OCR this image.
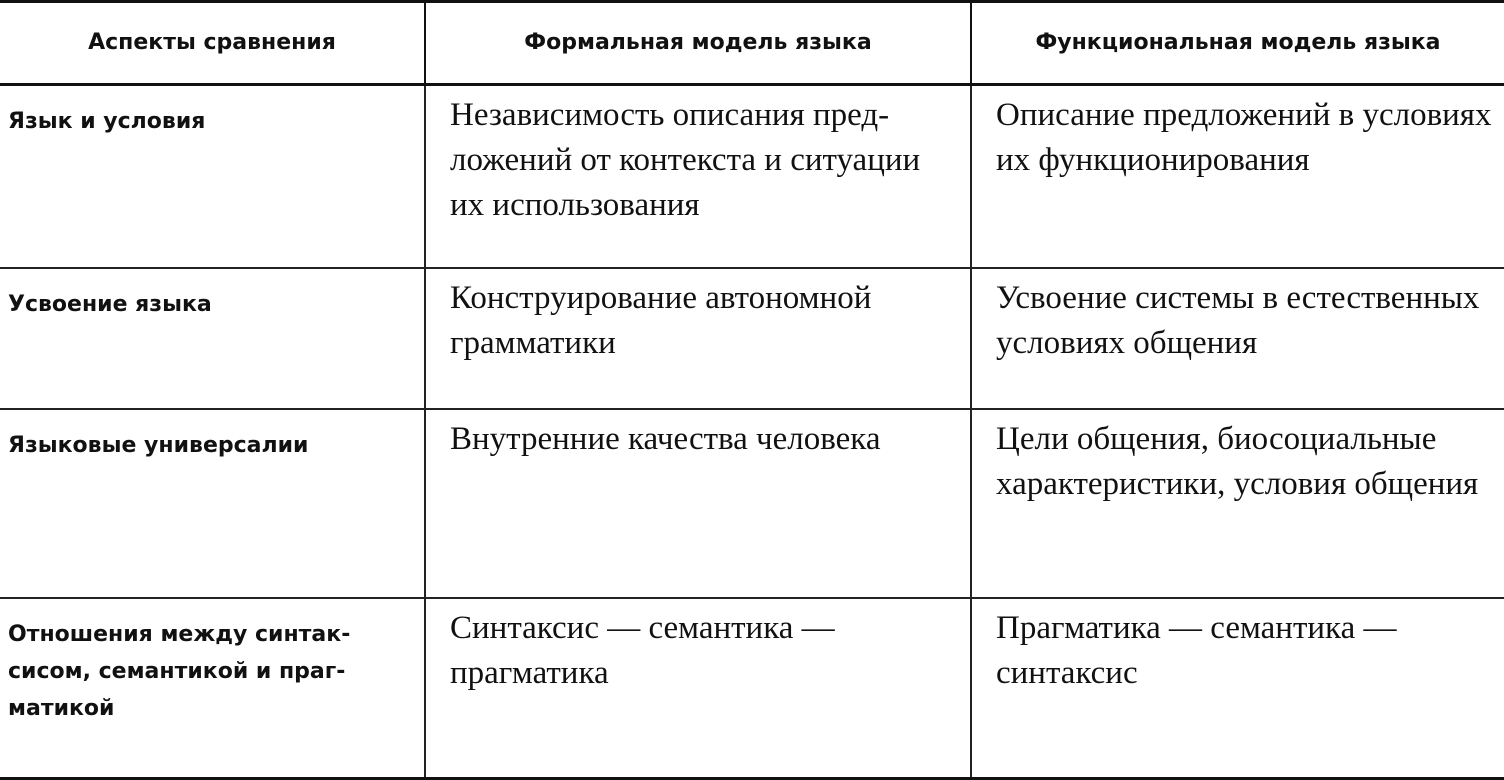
Аспекты сравнения	Формальная модель языка	Функциональная модель языка
Язык и условия	Независимость описания предложений от контекста и ситуации их использования	Описание предложений в условиях их функционирования
Усвоение языка	Конструирование автономной грамматики	Усвоение системы в естественных условиях общения
Языковые универсалии	Внутренние качества человека	Цели общения, биосоциальные характеристики, условия общения
Отношения между синтаксисом, семантикой и прагматикой	Синтаксис — семантика — прагматика	Прагматика — семантика — синтаксис
